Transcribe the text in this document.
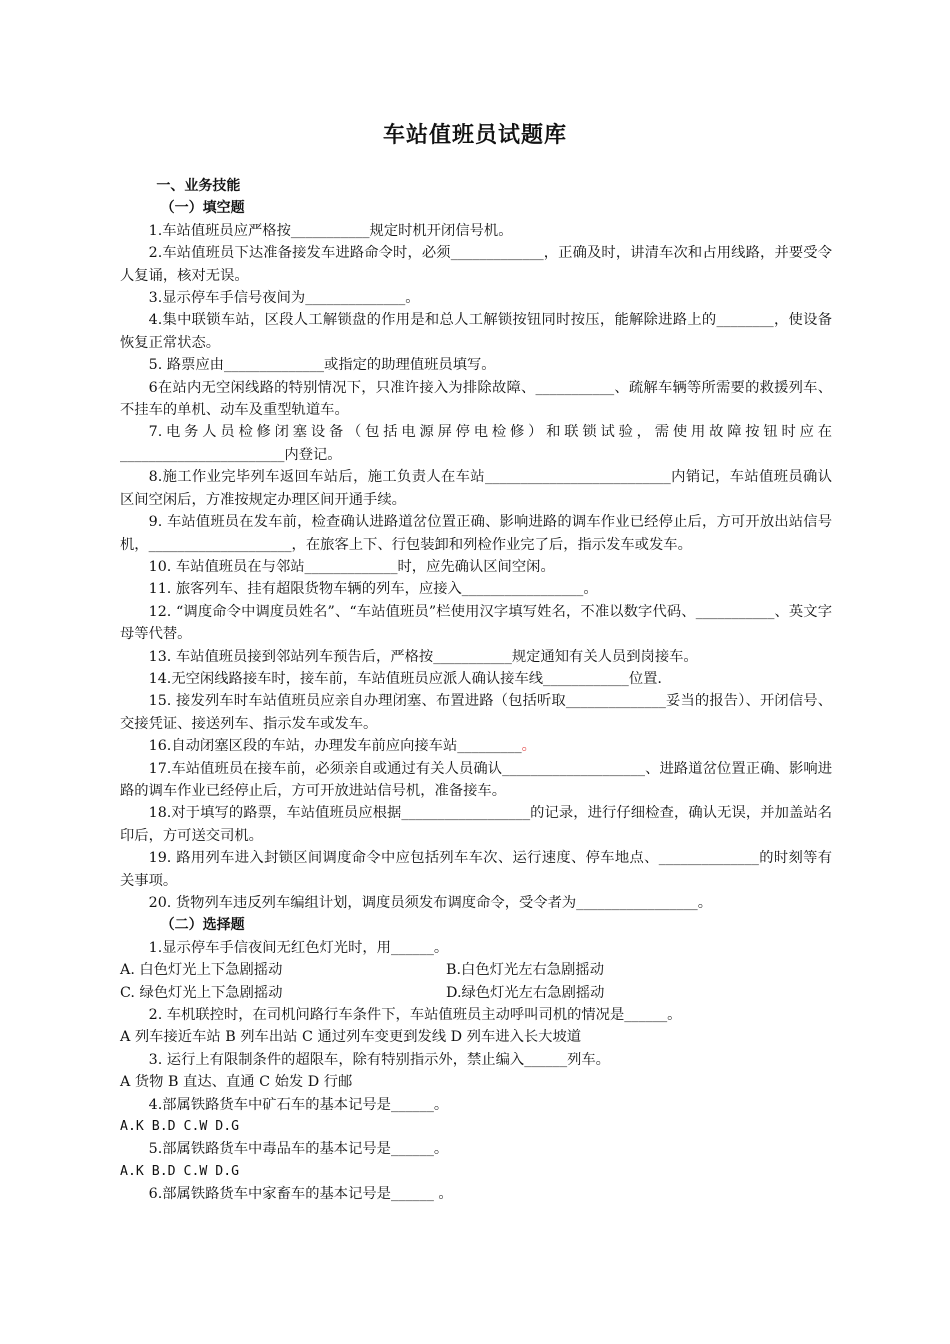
车站值班员试题库

一、业务技能

（一）填空题

1.车站值班员应严格按___________规定时机开闭信号机。

2.车站值班员下达准备接发车进路命令时，必须_____________，正确及时，讲清车次和占用线路，并要受令人复诵，核对无误。

3.显示停车手信号夜间为______________。

4.集中联锁车站，区段人工解锁盘的作用是和总人工解锁按钮同时按压，能解除进路上的________，使设备恢复正常状态。

5. 路票应由______________或指定的助理值班员填写。

6在站内无空闲线路的特别情况下，只准许接入为排除故障、___________、疏解车辆等所需要的救援列车、不挂车的单机、动车及重型轨道车。

7.电务人员检修闭塞设备（包括电源屏停电检修）和联锁试验，需使用故障按钮时应在_______________________内登记。

8.施工作业完毕列车返回车站后，施工负责人在车站__________________________内销记，车站值班员确认区间空闲后，方准按规定办理区间开通手续。

9. 车站值班员在发车前，检查确认进路道岔位置正确、影响进路的调车作业已经停止后，方可开放出站信号机，____________________，在旅客上下、行包装卸和列检作业完了后，指示发车或发车。

10. 车站值班员在与邻站_____________时，应先确认区间空闲。

11. 旅客列车、挂有超限货物车辆的列车，应接入_________________。

12. “调度命令中调度员姓名”、“车站值班员”栏使用汉字填写姓名，不准以数字代码、___________、英文字母等代替。

13. 车站值班员接到邻站列车预告后，严格按___________规定通知有关人员到岗接车。

14.无空闲线路接车时，接车前，车站值班员应派人确认接车线____________位置.

15. 接发列车时车站值班员应亲自办理闭塞、布置进路（包括听取______________妥当的报告）、开闭信号、交接凭证、接送列车、指示发车或发车。

16.自动闭塞区段的车站，办理发车前应向接车站_________。

17.车站值班员在接车前，必须亲自或通过有关人员确认____________________、进路道岔位置正确、影响进路的调车作业已经停止后，方可开放进站信号机，准备接车。

18.对于填写的路票，车站值班员应根据__________________的记录，进行仔细检查，确认无误，并加盖站名印后，方可送交司机。

19. 路用列车进入封锁区间调度命令中应包括列车车次、运行速度、停车地点、______________的时刻等有关事项。

20. 货物列车违反列车编组计划，调度员须发布调度命令，受令者为_________________。

（二）选择题

1.显示停车手信夜间无红色灯光时，用______。

A. 白色灯光上下急剧摇动	B.白色灯光左右急剧摇动

C. 绿色灯光上下急剧摇动	D.绿色灯光左右急剧摇动

2. 车机联控时，在司机问路行车条件下，车站值班员主动呼叫司机的情况是______。

A 列车接近车站 B 列车出站 C 通过列车变更到发线 D 列车进入长大坡道

3. 运行上有限制条件的超限车，除有特别指示外，禁止编入______列车。

A 货物 B 直达、直通 C 始发 D 行邮

4.部属铁路货车中矿石车的基本记号是______。

A.K B.D C.W D.G

5.部属铁路货车中毒品车的基本记号是______。

A.K B.D C.W D.G

6.部属铁路货车中家畜车的基本记号是______ 。
